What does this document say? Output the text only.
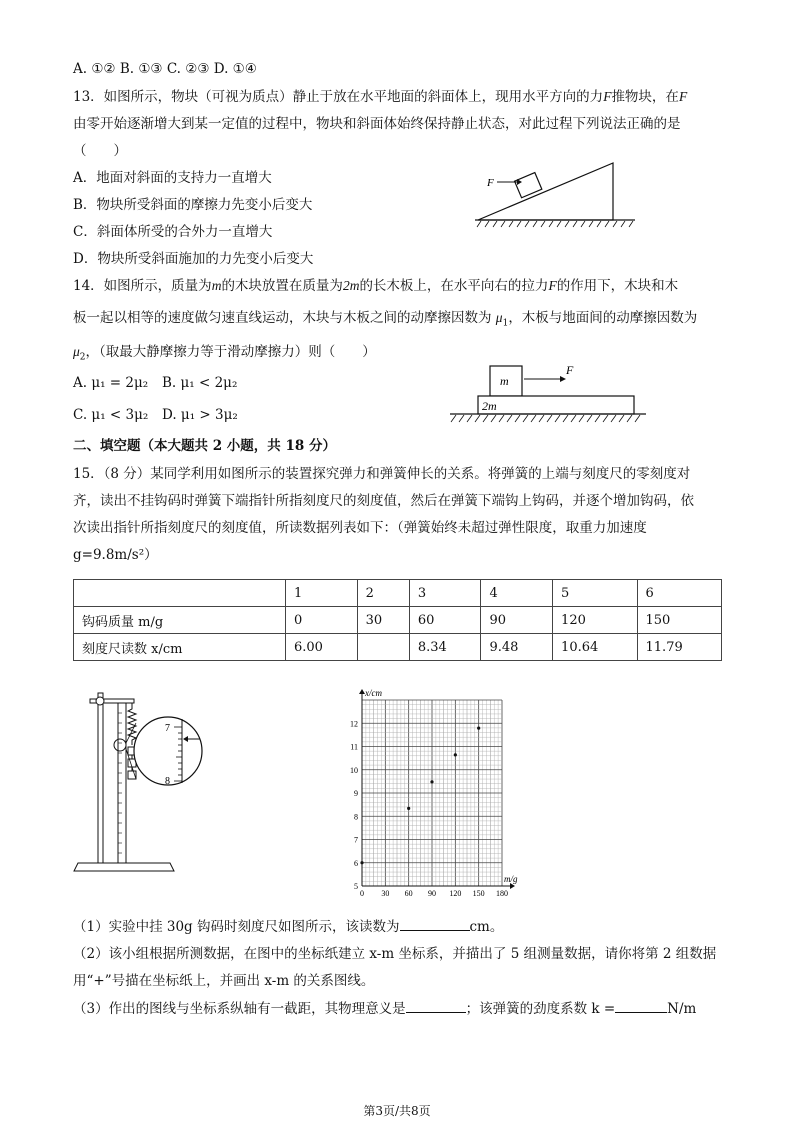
A. ①② B. ①③ C. ②③ D. ①④
13．如图所示，物块（可视为质点）静止于放在水平地面的斜面体上，现用水平方向的力F推物块，在F
由零开始逐渐增大到某一定值的过程中，物块和斜面体始终保持静止状态，对此过程下列说法正确的是
（　　）
A．地面对斜面的支持力一直增大
B．物块所受斜面的摩擦力先变小后变大
C．斜面体所受的合外力一直增大
D．物块所受斜面施加的力先变小后变大
F
14．如图所示，质量为m的木块放置在质量为2m的长木板上，在水平向右的拉力F的作用下，木块和木
板一起以相等的速度做匀速直线运动，木块与木板之间的动摩擦因数为 $\mu_1$，木板与地面间的动摩擦因数为
$\mu_2$，（取最大静摩擦力等于滑动摩擦力）则（　　）
A. μ₁ = 2μ₂ B. μ₁ < 2μ₂
C. μ₁ < 3μ₂ D. μ₁ > 3μ₂
m
F
2m
二、填空题（本大题共 2 小题，共 18 分）
15．（8 分）某同学利用如图所示的装置探究弹力和弹簧伸长的关系。将弹簧的上端与刻度尺的零刻度对
齐，读出不挂钩码时弹簧下端指针所指刻度尺的刻度值，然后在弹簧下端钩上钩码，并逐个增加钩码，依
次读出指针所指刻度尺的刻度值，所读数据列表如下：（弹簧始终未超过弹性限度，取重力加速度
g=9.8m/s²）
	1	2	3	4	5	6
钩码质量 m/g	0	30	60	90	120	150
刻度尺读数 x/cm	6.00		8.34	9.48	10.64	11.79
7
8
0 30 60 90 120 150 180
5
6
7
8
9
10
11
12
m/g
x/cm
（1）实验中挂 30g 钩码时刻度尺如图所示，该读数为	cm。
（2）该小组根据所测数据，在图中的坐标纸建立 x-m 坐标系，并描出了 5 组测量数据，请你将第 2 组数据
用“+”号描在坐标纸上，并画出 x-m 的关系图线。
（3）作出的图线与坐标系纵轴有一截距，其物理意义是	；该弹簧的劲度系数 k =	N/m
第3页/共8页
